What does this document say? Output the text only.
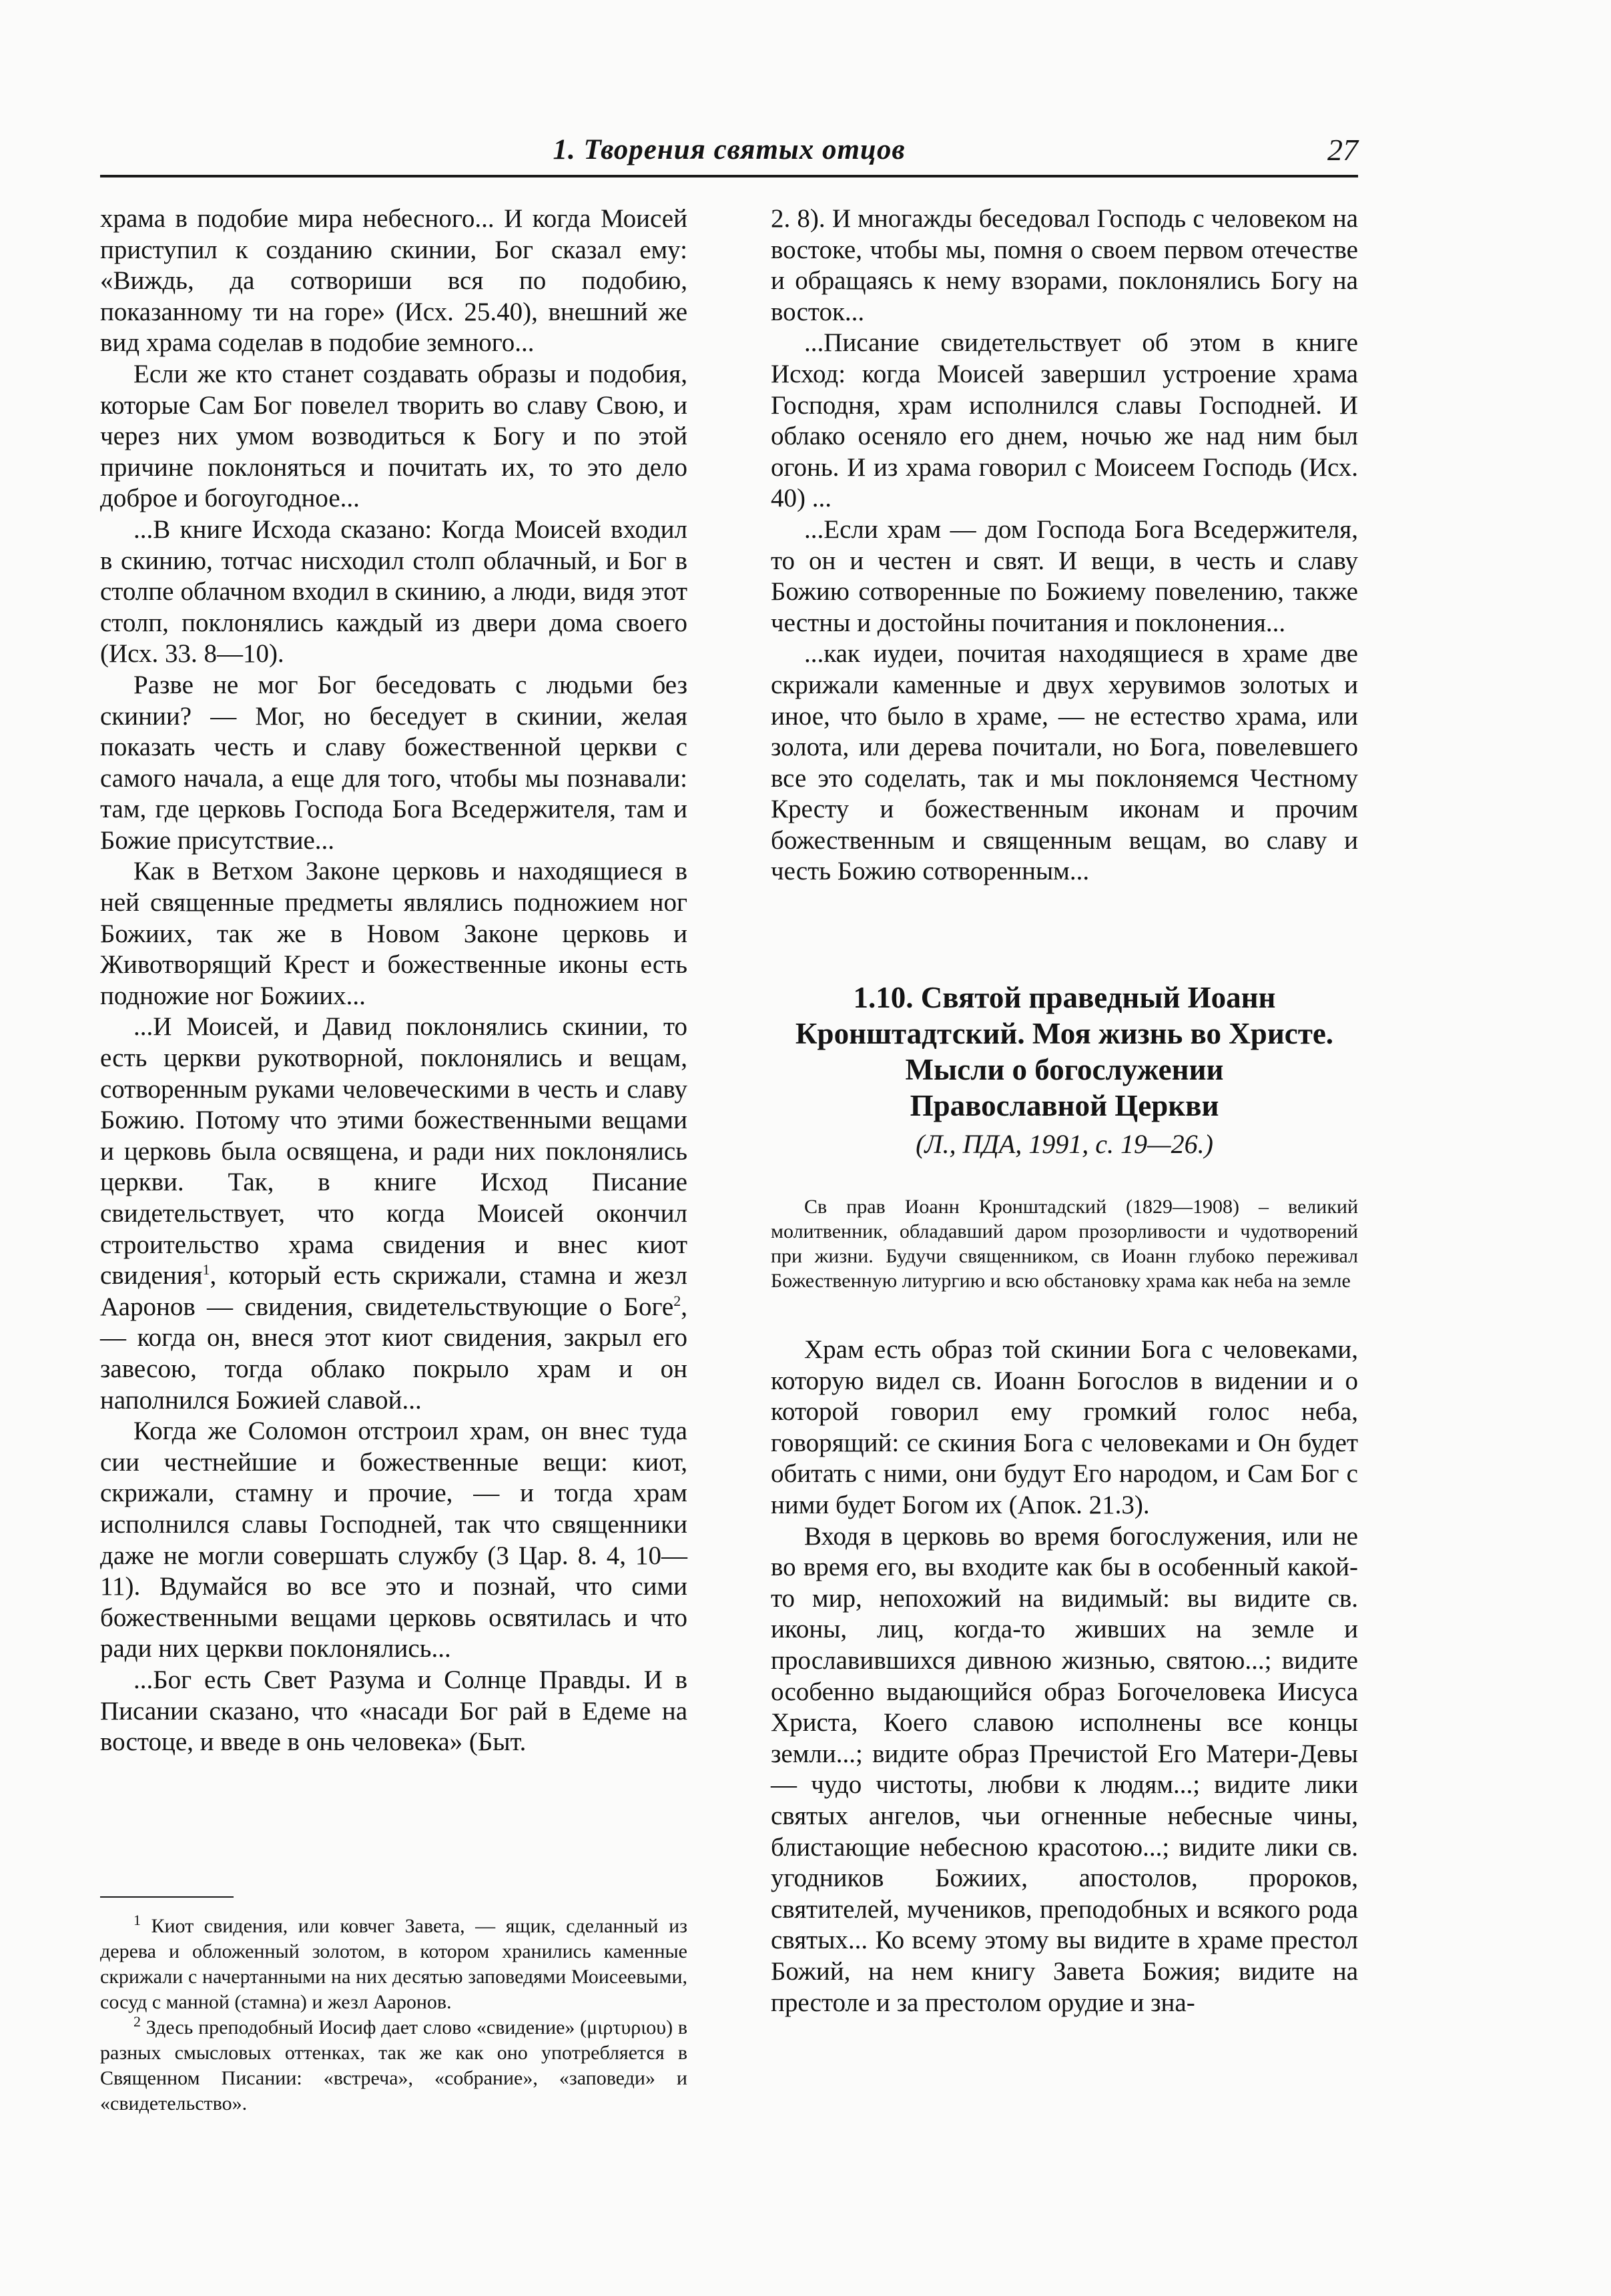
1. Творения святых отцов	27

храма в подобие мира небесного... И когда Моисей приступил к созданию скинии, Бог сказал ему: «Виждь, да сотвориши вся по подобию, показанному ти на горе» (Исх. 25.40), внешний же вид храма соделав в подобие земного...

Если же кто станет создавать образы и подобия, которые Сам Бог повелел творить во славу Свою, и через них умом возводиться к Богу и по этой причине поклоняться и почитать их, то это дело доброе и богоугодное...

...В книге Исхода сказано: Когда Моисей входил в скинию, тотчас нисходил столп облачный, и Бог в столпе облачном входил в скинию, а люди, видя этот столп, поклонялись каждый из двери дома своего (Исх. 33. 8—10).

Разве не мог Бог беседовать с людьми без скинии? — Мог, но беседует в скинии, желая показать честь и славу божественной церкви с самого начала, а еще для того, чтобы мы познавали: там, где церковь Господа Бога Вседержителя, там и Божие присутствие...

Как в Ветхом Законе церковь и находящиеся в ней священные предметы являлись подножием ног Божиих, так же в Новом Законе церковь и Животворящий Крест и божественные иконы есть подножие ног Божиих...

...И Моисей, и Давид поклонялись скинии, то есть церкви рукотворной, поклонялись и вещам, сотворенным руками человеческими в честь и славу Божию. Потому что этими божественными вещами и церковь была освящена, и ради них поклонялись церкви. Так, в книге Исход Писание свидетельствует, что когда Моисей окончил строительство храма свидения и внес киот свидения$^1$, который есть скрижали, стамна и жезл Ааронов — свидения, свидетельствующие о Боге$^2$, — когда он, внеся этот киот свидения, закрыл его завесою, тогда облако покрыло храм и он наполнился Божией славой...

Когда же Соломон отстроил храм, он внес туда сии честнейшие и божественные вещи: киот, скрижали, стамну и прочие, — и тогда храм исполнился славы Господней, так что священники даже не могли совершать службу (3 Цар. 8. 4, 10—11). Вдумайся во все это и познай, что сими божественными вещами церковь освятилась и что ради них церкви поклонялись...

...Бог есть Свет Разума и Солнце Правды. И в Писании сказано, что «насади Бог рай в Едеме на востоце, и введе в онь человека» (Быт.

$^1$ Киот свидения, или ковчег Завета, — ящик, сделанный из дерева и обложенный золотом, в котором хранились каменные скрижали с начертанными на них десятью заповедями Моисеевыми, сосуд с манной (стамна) и жезл Ааронов.

$^2$ Здесь преподобный Иосиф дает слово «свидение» (μιρτυριου) в разных смысловых оттенках, так же как оно употребляется в Священном Писании: «встреча», «собрание», «заповеди» и «свидетельство».

2. 8). И многажды беседовал Господь с человеком на востоке, чтобы мы, помня о своем первом отечестве и обращаясь к нему взорами, поклонялись Богу на восток...

...Писание свидетельствует об этом в книге Исход: когда Моисей завершил устроение храма Господня, храм исполнился славы Господней. И облако осеняло его днем, ночью же над ним был огонь. И из храма говорил с Моисеем Господь (Исх. 40) ...

...Если храм — дом Господа Бога Вседержителя, то он и честен и свят. И вещи, в честь и славу Божию сотворенные по Божиему повелению, также честны и достойны почитания и поклонения...

...как иудеи, почитая находящиеся в храме две скрижали каменные и двух херувимов золотых и иное, что было в храме, — не естество храма, или золота, или дерева почитали, но Бога, повелевшего все это соделать, так и мы поклоняемся Честному Кресту и божественным иконам и прочим божественным и священным вещам, во славу и честь Божию сотворенным...

1.10. Святой праведный Иоанн
Кронштадтский. Моя жизнь во Христе.
Мысли о богослужении
Православной Церкви
(Л., ПДА, 1991, с. 19—26.)

Св прав Иоанн Кронштадский (1829—1908) – великий молитвенник, обладавший даром прозорливости и чудотворений при жизни. Будучи священником, св Иоанн глубоко переживал Божественную литургию и всю обстановку храма как неба на земле

Храм есть образ той скинии Бога с человеками, которую видел св. Иоанн Богослов в видении и о которой говорил ему громкий голос неба, говорящий: се скиния Бога с человеками и Он будет обитать с ними, они будут Его народом, и Сам Бог с ними будет Богом их (Апок. 21.3).

Входя в церковь во время богослужения, или не во время его, вы входите как бы в особенный какой-то мир, непохожий на видимый: вы видите св. иконы, лиц, когда-то живших на земле и прославившихся дивною жизнью, святою...; видите особенно выдающийся образ Богочеловека Иисуса Христа, Коего славою исполнены все концы земли...; видите образ Пречистой Его Матери-Девы — чудо чистоты, любви к людям...; видите лики святых ангелов, чьи огненные небесные чины, блистающие небесною красотою...; видите лики св. угодников Божиих, апостолов, пророков, святителей, мучеников, преподобных и всякого рода святых... Ко всему этому вы видите в храме престол Божий, на нем книгу Завета Божия; видите на престоле и за престолом орудие и зна-
